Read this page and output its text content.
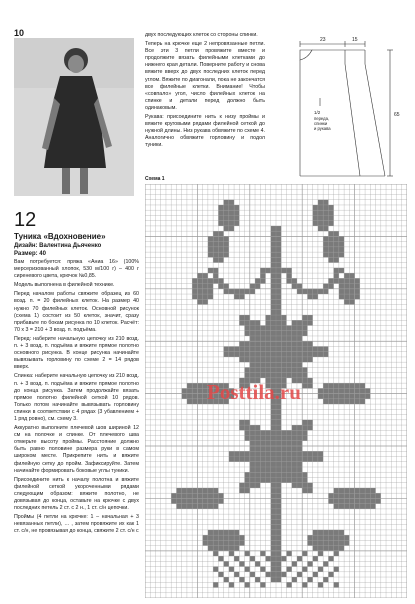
10
12
Туника «Вдохновение»
Дизайн: Валентина Дьяченко
Размер: 40

Вам потребуется: пряжа «Аниа 16» (100% мерсеризованный хлопок, 530 м/100 г) – 400 г сиреневого цвета, крючок №0,85.

Модель выполнена в филейной технике.

Перед началом работы свяжите образец из 60 возд. п. = 20 филейных клеток. На размер 40 нужно 70 филейных клеток. Основной рисунок (схема 1) состоит из 50 клеток, значит, сразу прибавьте по бокам рисунка по 10 клеток. Расчёт: 70 х 3 = 210 + 3 возд. п. подъёма.

Перед: наберите начальную цепочку из 210 возд. п. + 3 возд. п. подъёма и вяжите прямое полотно основного рисунка. В конце рисунка начинайте вывязывать горловину по схеме 2 = 14 рядов вверх.

Спинка: наберите начальную цепочку из 210 возд. п. + 3 возд. п. подъёма и вяжите прямое полотно до конца рисунка. Затем продолжайте вязать прямое полотно филейной сеткой 10 рядов. Только потом начинайте вывязывать горловину спинки в соответствии с 4 рядах (3 убавлением + 1 ряд ровно), см. схему 3.

Аккуратно выполните плечевой шов шириной 12 см на полочке и спинке. От плечевого шва отмерьте высоту проймы. Расстояние должно быть равно половине размера руки в самом широком месте. Прикрепите нить и вяжите филейную сетку до пройм. Зафиксируйте. Затем начинайте формировать боковые углы туники.

Присоедините нить к началу полотна и вяжите филейной сеткой укороченными рядами следующим образом: вяжите полотно, не довязывая до конца, оставьте на крючке с двух последних петель 2 ст. с 2 н., 1 ст. с/н цепочки.

Проймы (4 петли на крючке: 1 – начальная + 3 невязанных петли), … , затем провяжите их как 1 ст. с/н, не провязывая до конца, свяжите 2 ст. с/н с

двух последующих клеток со стороны спинки.

Теперь на крючке еще 2 непровязанные петли. Все эти 3 петли провяжите вместе и продолжите вязать филейными клетками до нижнего края детали. Поверните работу и снова вяжите вверх до двух последних клеток перед углом. Вяжите по диагонали, пока не закончатся все филейные клетки. Внимание! Чтобы «совпало» угол, число филейных клеток на спинке и детали перед должно быть одинаковым.

Рукава: присоедините нить к низу проймы и вяжите круговыми рядами филейной сеткой до нужной длины. Низ рукава обвяжите по схеме 4. Аналогично обвяжите горловину и подол туники.

23	15
65
1/2
переда,
спинки
и рукава
Схема 1
Posttila.ru
